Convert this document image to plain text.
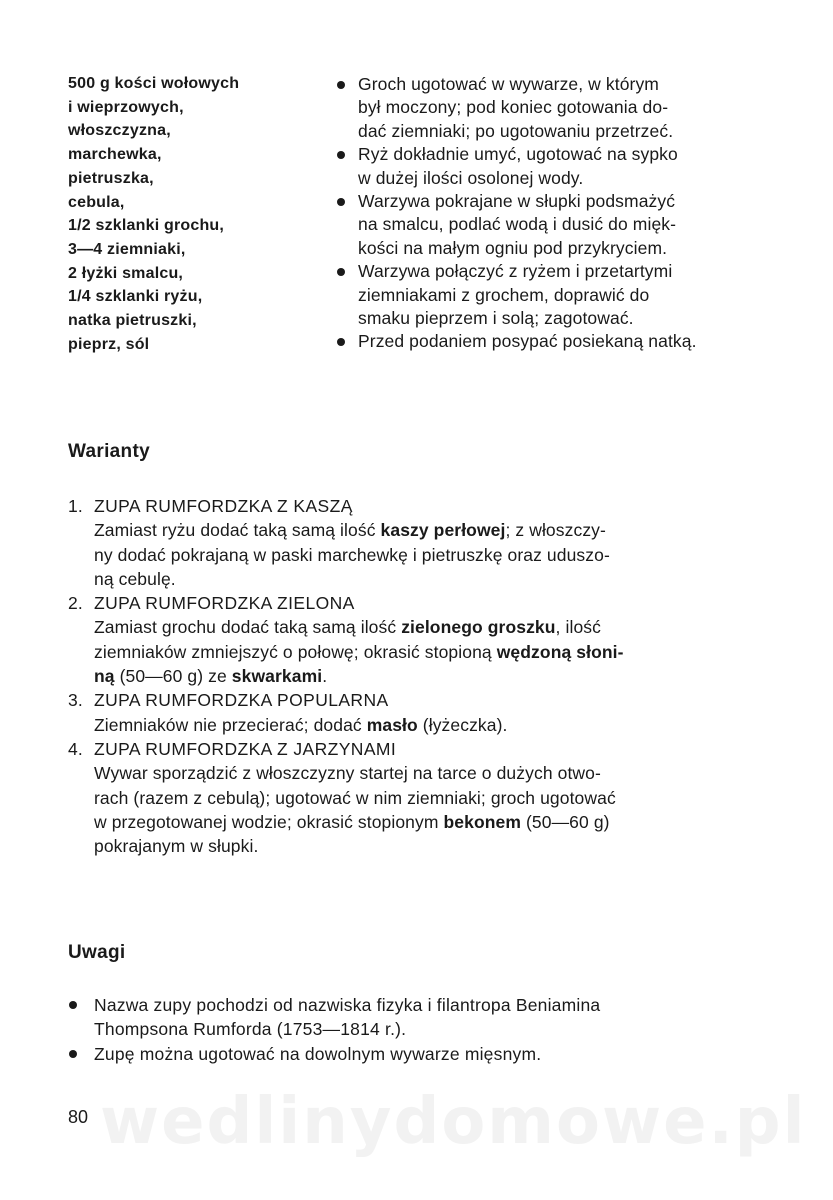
500 g kości wołowych
i wieprzowych,
włoszczyzna,
marchewka,
pietruszka,
cebula,
1/2 szklanki grochu,
3—4 ziemniaki,
2 łyżki smalcu,
1/4 szklanki ryżu,
natka pietruszki,
pieprz, sól
Groch ugotować w wywarze, w którym
był moczony; pod koniec gotowania do-
dać ziemniaki; po ugotowaniu przetrzeć.
Ryż dokładnie umyć, ugotować na sypko
w dużej ilości osolonej wody.
Warzywa pokrajane w słupki podsmażyć
na smalcu, podlać wodą i dusić do mięk-
kości na małym ogniu pod przykryciem.
Warzywa połączyć z ryżem i przetartymi
ziemniakami z grochem, doprawić do
smaku pieprzem i solą; zagotować.
Przed podaniem posypać posiekaną natką.
Warianty
1. ZUPA RUMFORDZKA Z KASZĄ
Zamiast ryżu dodać taką samą ilość kaszy perłowej; z włoszczy-
ny dodać pokrajaną w paski marchewkę i pietruszkę oraz uduszo-
ną cebulę.
2. ZUPA RUMFORDZKA ZIELONA
Zamiast grochu dodać taką samą ilość zielonego groszku, ilość
ziemniaków zmniejszyć o połowę; okrasić stopioną wędzoną słoni-
ną (50—60 g) ze skwarkami.
3. ZUPA RUMFORDZKA POPULARNA
Ziemniaków nie przecierać; dodać masło (łyżeczka).
4. ZUPA RUMFORDZKA Z JARZYNAMI
Wywar sporządzić z włoszczyzny startej na tarce o dużych otwo-
rach (razem z cebulą); ugotować w nim ziemniaki; groch ugotować
w przegotowanej wodzie; okrasić stopionym bekonem (50—60 g)
pokrajanym w słupki.
Uwagi
Nazwa zupy pochodzi od nazwiska fizyka i filantropa Beniamina
Thompsona Rumforda (1753—1814 r.).
Zupę można ugotować na dowolnym wywarze mięsnym.
wedlinydomowe.pl
80
